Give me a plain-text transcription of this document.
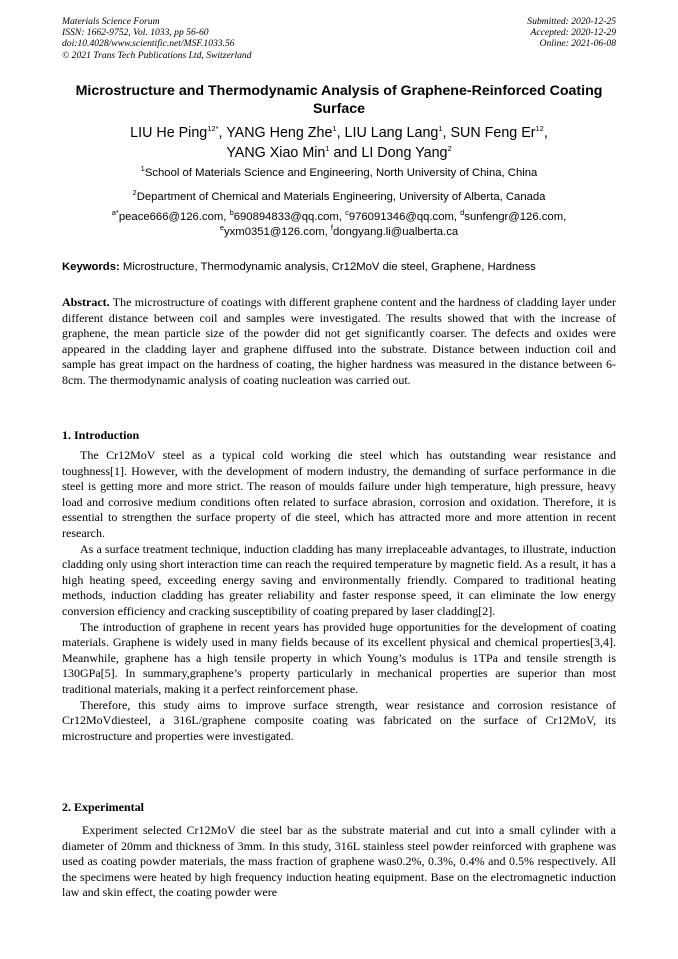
Materials Science Forum
ISSN: 1662-9752, Vol. 1033, pp 56-60
doi:10.4028/www.scientific.net/MSF.1033.56
© 2021 Trans Tech Publications Ltd, Switzerland
Submitted: 2020-12-25
Accepted: 2020-12-29
Online: 2021-06-08
Microstructure and Thermodynamic Analysis of Graphene-Reinforced Coating Surface
LIU He Ping$^{12*}$, YANG Heng Zhe$^1$, LIU Lang Lang$^1$, SUN Feng Er$^{12}$,
YANG Xiao Min$^1$ and LI Dong Yang$^2$
$^1$School of Materials Science and Engineering, North University of China, China
$^2$Department of Chemical and Materials Engineering, University of Alberta, Canada
$^{a*}$peace666@126.com, $^b$690894833@qq.com, $^c$976091346@qq.com, $^d$sunfengr@126.com,
$^e$yxm0351@126.com, $^f$dongyang.li@ualberta.ca
Keywords: Microstructure, Thermodynamic analysis, Cr12MoV die steel, Graphene, Hardness
Abstract. The microstructure of coatings with different graphene content and the hardness of cladding layer under different distance between coil and samples were investigated. The results showed that with the increase of graphene, the mean particle size of the powder did not get significantly coarser. The defects and oxides were appeared in the cladding layer and graphene diffused into the substrate. Distance between induction coil and sample has great impact on the hardness of coating, the higher hardness was measured in the distance between 6-8cm. The thermodynamic analysis of coating nucleation was carried out.
1. Introduction

The Cr12MoV steel as a typical cold working die steel which has outstanding wear resistance and toughness[1]. However, with the development of modern industry, the demanding of surface performance in die steel is getting more and more strict. The reason of moulds failure under high temperature, high pressure, heavy load and corrosive medium conditions often related to surface abrasion, corrosion and oxidation. Therefore, it is essential to strengthen the surface property of die steel, which has attracted more and more attention in recent research.

As a surface treatment technique, induction cladding has many irreplaceable advantages, to illustrate, induction cladding only using short interaction time can reach the required temperature by magnetic field. As a result, it has a high heating speed, exceeding energy saving and environmentally friendly. Compared to traditional heating methods, induction cladding has greater reliability and faster response speed, it can eliminate the low energy conversion efficiency and cracking susceptibility of coating prepared by laser cladding[2].

The introduction of graphene in recent years has provided huge opportunities for the development of coating materials. Graphene is widely used in many fields because of its excellent physical and chemical properties[3,4]. Meanwhile, graphene has a high tensile property in which Young’s modulus is 1TPa and tensile strength is 130GPa[5]. In summary,graphene’s property particularly in mechanical properties are superior than most traditional materials, making it a perfect reinforcement phase.

Therefore, this study aims to improve surface strength, wear resistance and corrosion resistance of Cr12MoVdiesteel, a 316L/graphene composite coating was fabricated on the surface of Cr12MoV, its microstructure and properties were investigated.

2. Experimental

Experiment selected Cr12MoV die steel bar as the substrate material and cut into a small cylinder with a diameter of 20mm and thickness of 3mm. In this study, 316L stainless steel powder reinforced with graphene was used as coating powder materials, the mass fraction of graphene was0.2%, 0.3%, 0.4% and 0.5% respectively. All the specimens were heated by high frequency induction heating equipment. Base on the electromagnetic induction law and skin effect, the coating powder were
